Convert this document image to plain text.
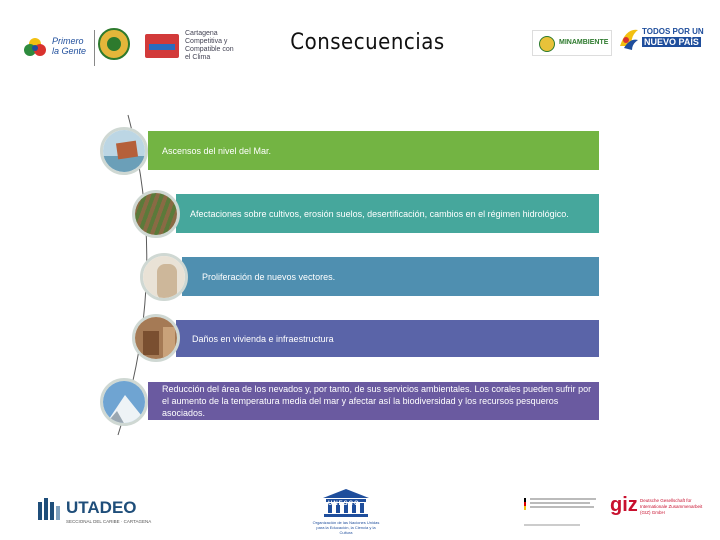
Primero la Gente
Cartagena Competitiva y Compatible con el Clima
Consecuencias	MINAMBIENTE
TODOS POR UN
NUEVO PAÍS
Ascensos del nivel del Mar.
Afectaciones sobre cultivos, erosión suelos, desertificación, cambios en el régimen hidrológico.
Proliferación de nuevos vectores.
Daños en vivienda e infraestructura
Reducción del área de los nevados y, por tanto, de sus servicios ambientales. Los corales pueden sufrir por el aumento de la temperatura media del mar y afectar así la biodiversidad y los recursos pesqueros asociados.
UTADEO
SECCIONAL DEL CARIBE · CARTAGENA
UNESCO
Organización de las Naciones Unidas para la Educación, la Ciencia y la Cultura
giz Deutsche Gesellschaft für Internationale Zusammenarbeit (GIZ) GmbH
